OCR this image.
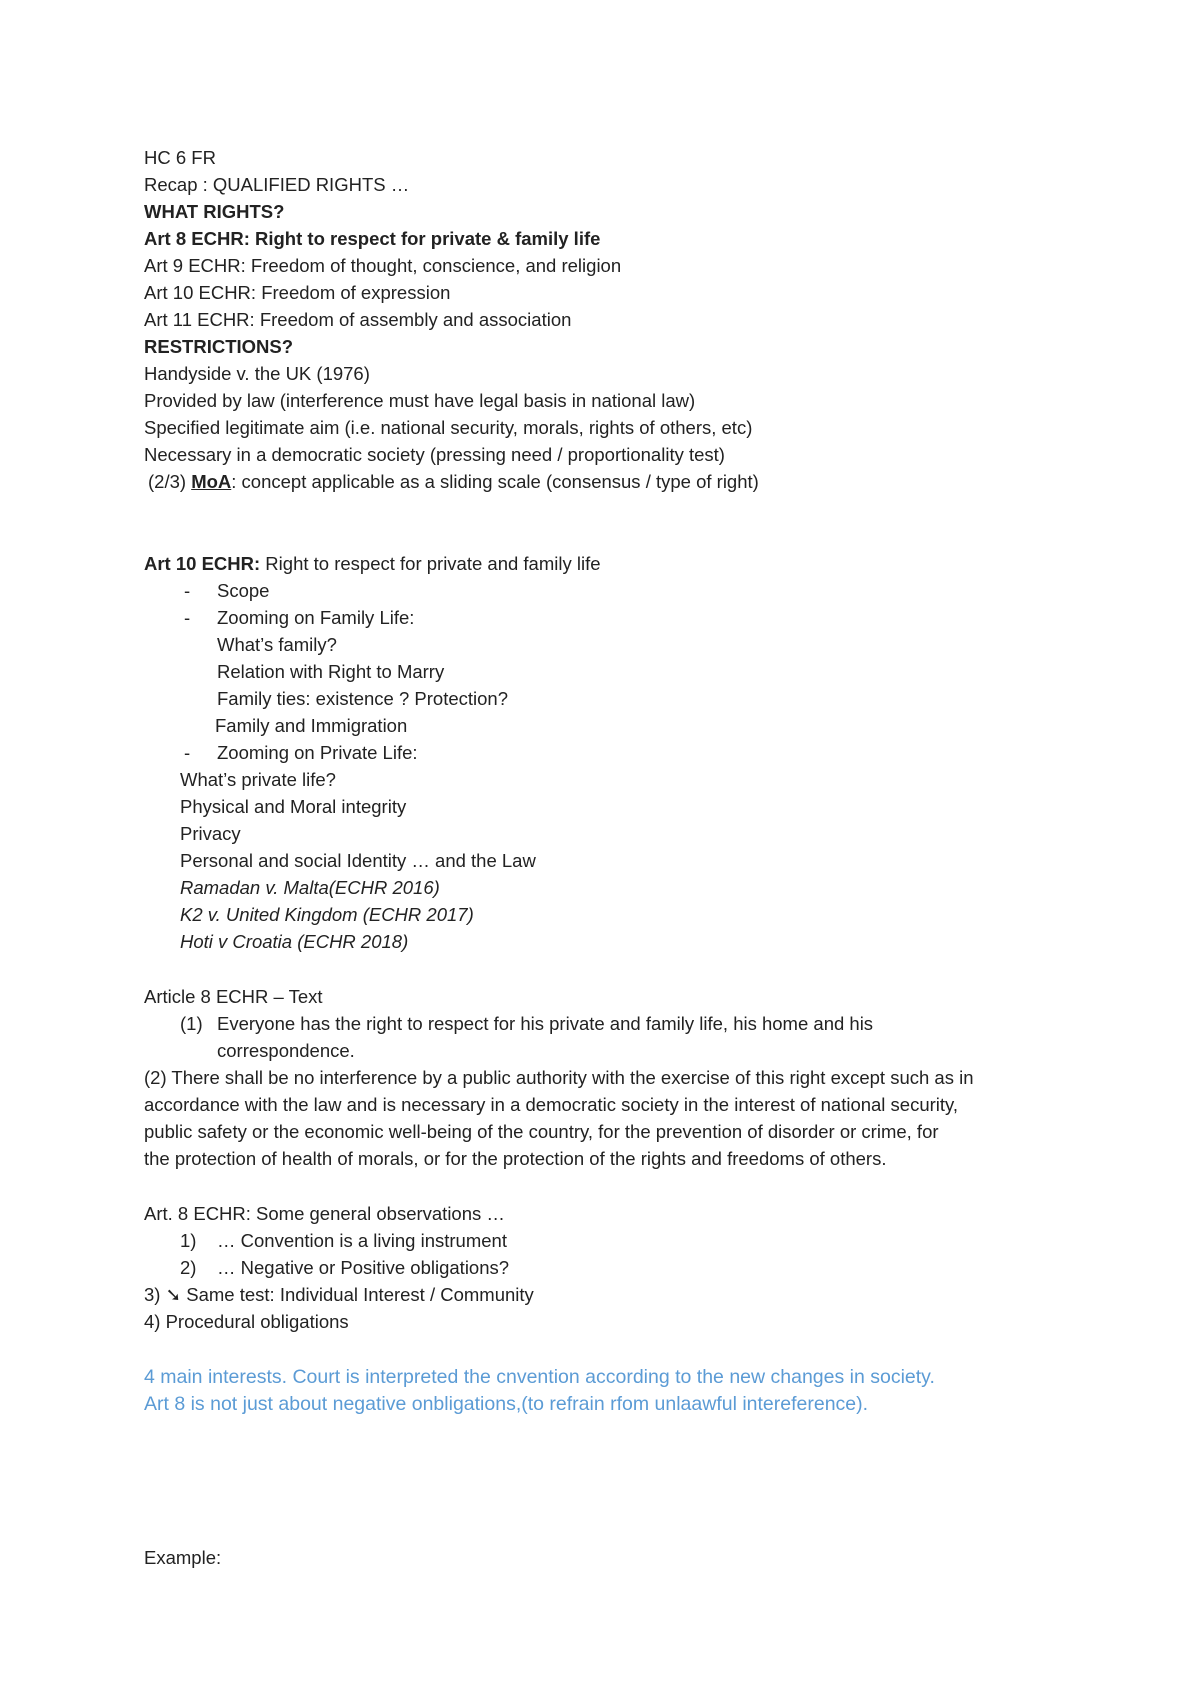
HC 6 FR
Recap : QUALIFIED RIGHTS …
WHAT RIGHTS?
Art 8 ECHR: Right to respect for private & family life
Art 9 ECHR: Freedom of thought, conscience, and religion
Art 10 ECHR: Freedom of expression
Art 11 ECHR: Freedom of assembly and association
RESTRICTIONS?
Handyside v. the UK (1976)
Provided by law (interference must have legal basis in national law)
Specified legitimate aim (i.e. national security, morals, rights of others, etc)
Necessary in a democratic society (pressing need / proportionality test)
(2/3) MoA: concept applicable as a sliding scale (consensus / type of right)
Art 10 ECHR: Right to respect for private and family life
- Scope
- Zooming on Family Life:
What’s family?
Relation with Right to Marry
Family ties: existence ? Protection?
Family and Immigration
- Zooming on Private Life:
What’s private life?
Physical and Moral integrity
Privacy
Personal and social Identity … and the Law
Ramadan v. Malta(ECHR 2016)
K2 v. United Kingdom (ECHR 2017)
Hoti v Croatia (ECHR 2018)
Article 8 ECHR – Text
(1) Everyone has the right to respect for his private and family life, his home and his
correspondence.
(2) There shall be no interference by a public authority with the exercise of this right except such as in
accordance with the law and is necessary in a democratic society in the interest of national security,
public safety or the economic well-being of the country, for the prevention of disorder or crime, for
the protection of health of morals, or for the protection of the rights and freedoms of others.
Art. 8 ECHR: Some general observations …
1) … Convention is a living instrument
2) … Negative or Positive obligations?
3) ➘ Same test: Individual Interest / Community
4) Procedural obligations
4 main interests. Court is interpreted the cnvention according to the new changes in society.
Art 8 is not just about negative onbligations,(to refrain rfom unlaawful intereference).
Example:
